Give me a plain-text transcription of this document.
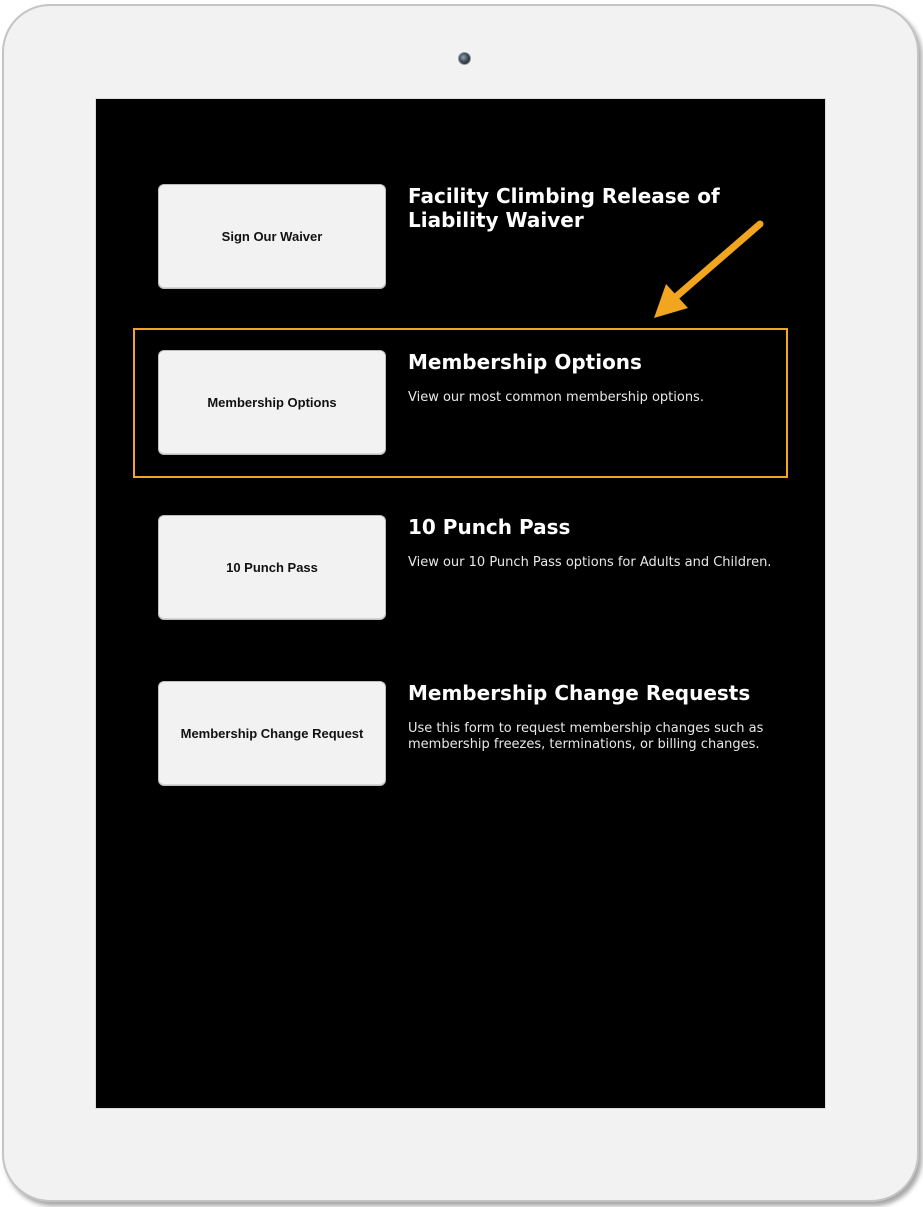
Sign Our Waiver
Facility Climbing Release of Liability Waiver
Membership Options
Membership Options
View our most common membership options.
10 Punch Pass
10 Punch Pass
View our 10 Punch Pass options for Adults and Children.
Membership Change Request
Membership Change Requests
Use this form to request membership changes such as membership freezes, terminations, or billing changes.
